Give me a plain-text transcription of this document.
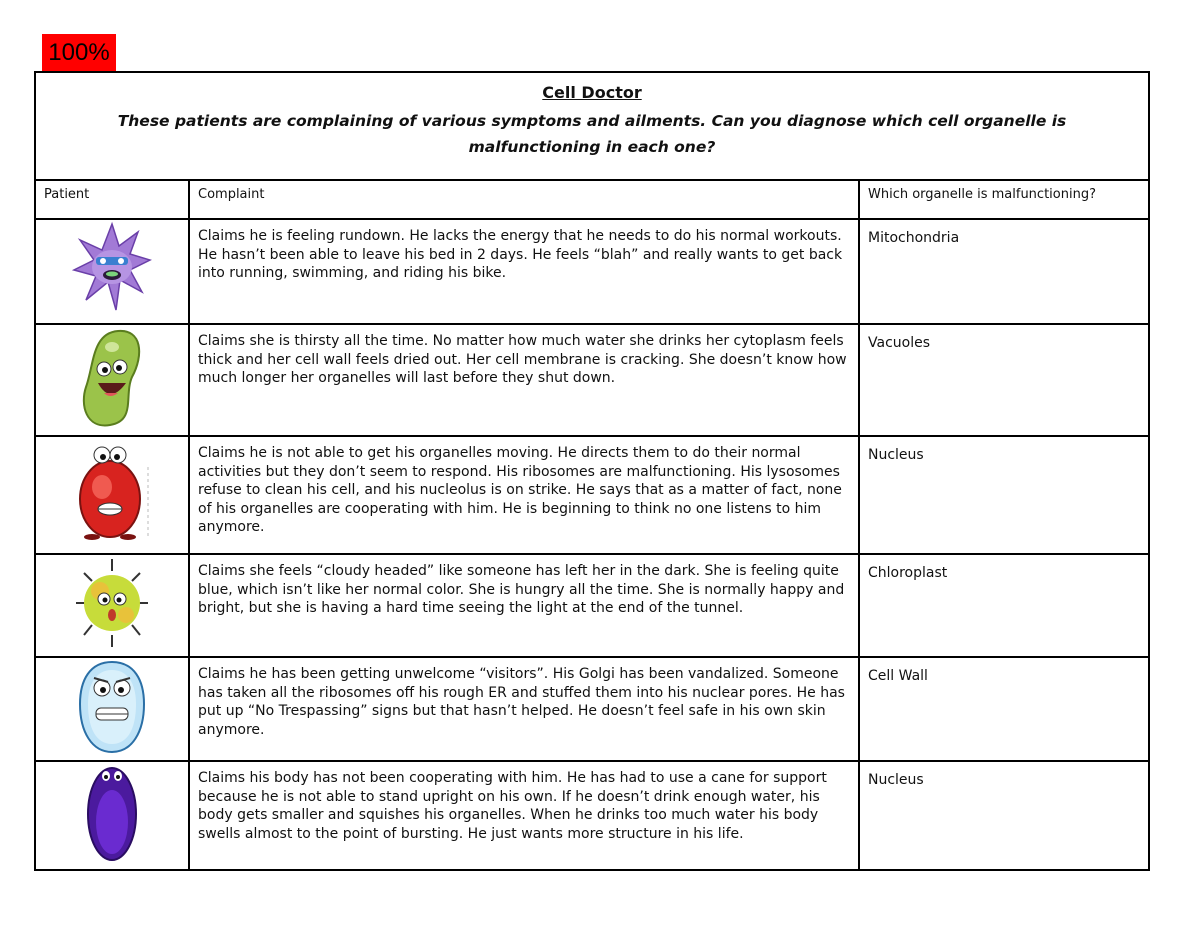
100%
Cell Doctor
These patients are complaining of various symptoms and ailments. Can you diagnose which cell organelle is malfunctioning in each one?		

Patient	Complaint	Which organelle is malfunctioning?

	Claims he is feeling rundown. He lacks the energy that he needs to do his normal workouts. He hasn’t been able to leave his bed in 2 days. He feels “blah” and really wants to get back into running, swimming, and riding his bike.	Mitochondria

	Claims she is thirsty all the time. No matter how much water she drinks her cytoplasm feels thick and her cell wall feels dried out. Her cell membrane is cracking. She doesn’t know how much longer her organelles will last before they shut down.	Vacuoles

	Claims he is not able to get his organelles moving. He directs them to do their normal activities but they don’t seem to respond. His ribosomes are malfunctioning. His lysosomes refuse to clean his cell, and his nucleolus is on strike. He says that as a matter of fact, none of his organelles are cooperating with him. He is beginning to think no one listens to him anymore.	Nucleus

	Claims she feels “cloudy headed” like someone has left her in the dark. She is feeling quite blue, which isn’t like her normal color. She is hungry all the time. She is normally happy and bright, but she is having a hard time seeing the light at the end of the tunnel.	Chloroplast

	Claims he has been getting unwelcome “visitors”. His Golgi has been vandalized. Someone has taken all the ribosomes off his rough ER and stuffed them into his nuclear pores. He has put up “No Trespassing” signs but that hasn’t helped. He doesn’t feel safe in his own skin anymore.	Cell Wall

	Claims his body has not been cooperating with him. He has had to use a cane for support because he is not able to stand upright on his own. If he doesn’t drink enough water, his body gets smaller and squishes his organelles. When he drinks too much water his body swells almost to the point of bursting. He just wants more structure in his life.	Nucleus
